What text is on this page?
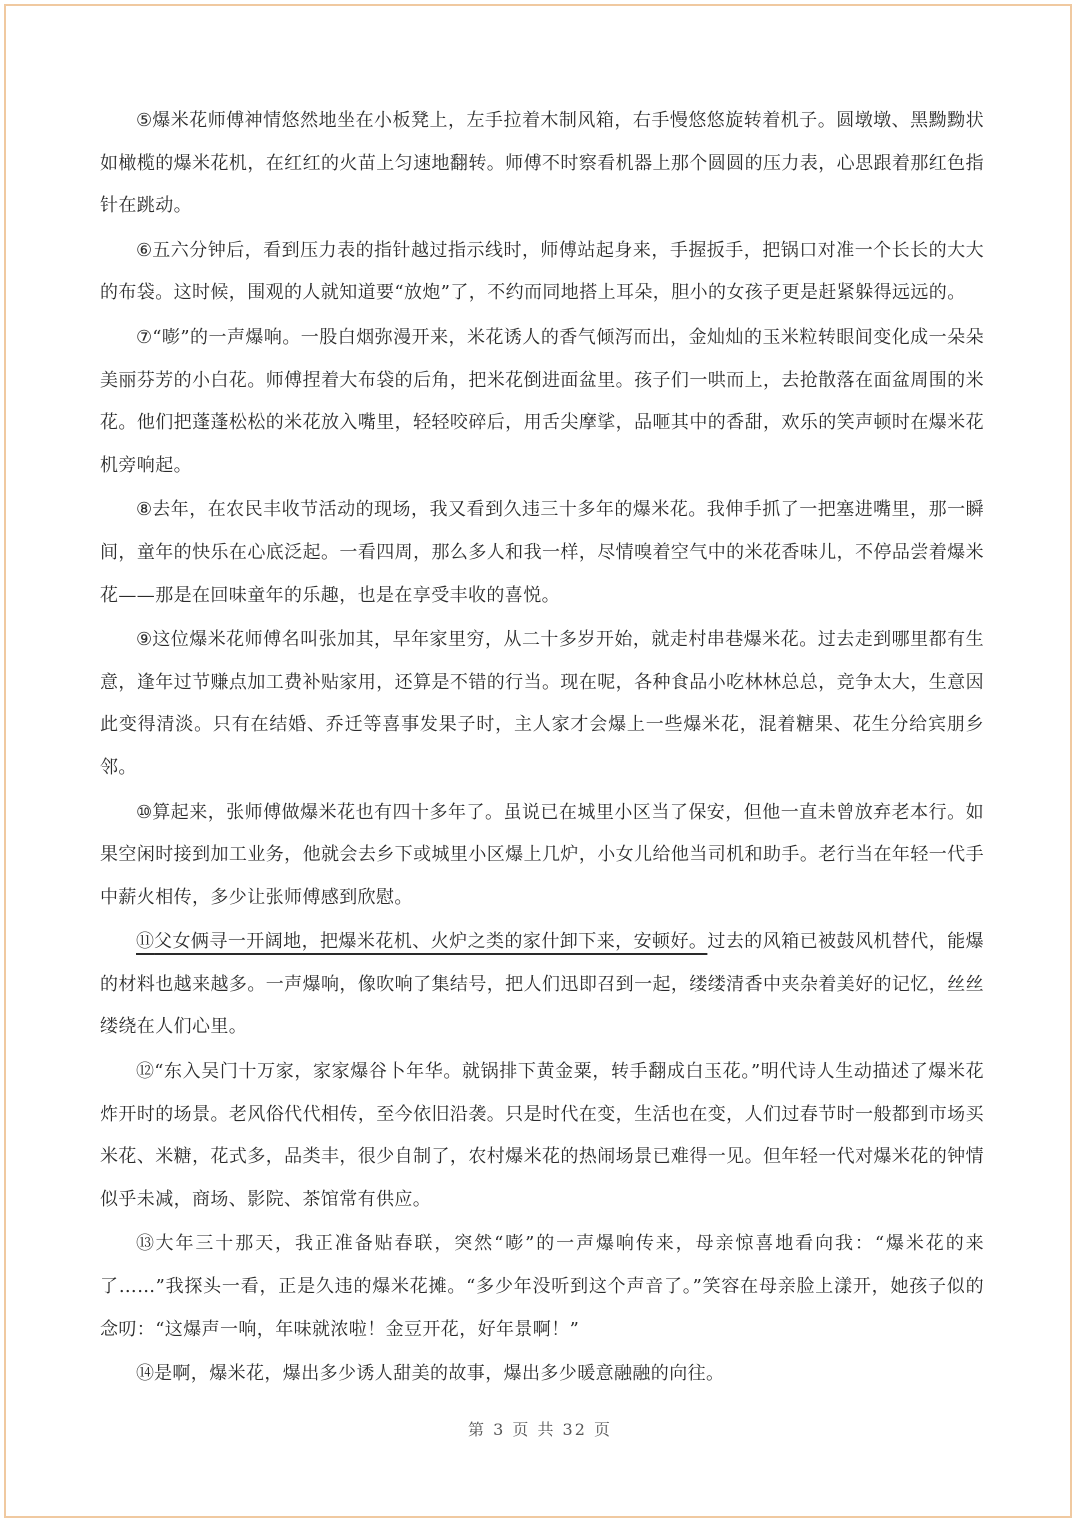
⑤爆米花师傅神情悠然地坐在小板凳上，左手拉着木制风箱，右手慢悠悠旋转着机子。圆墩墩、黑黝黝状如橄榄的爆米花机，在红红的火苗上匀速地翻转。师傅不时察看机器上那个圆圆的压力表，心思跟着那红色指针在跳动。

⑥五六分钟后，看到压力表的指针越过指示线时，师傅站起身来，手握扳手，把锅口对准一个长长的大大的布袋。这时候，围观的人就知道要“放炮”了，不约而同地搭上耳朵，胆小的女孩子更是赶紧躲得远远的。

⑦“嘭”的一声爆响。一股白烟弥漫开来，米花诱人的香气倾泻而出，金灿灿的玉米粒转眼间变化成一朵朵美丽芬芳的小白花。师傅捏着大布袋的后角，把米花倒进面盆里。孩子们一哄而上，去抢散落在面盆周围的米花。他们把蓬蓬松松的米花放入嘴里，轻轻咬碎后，用舌尖摩挲，品咂其中的香甜，欢乐的笑声顿时在爆米花机旁响起。

⑧去年，在农民丰收节活动的现场，我又看到久违三十多年的爆米花。我伸手抓了一把塞进嘴里，那一瞬间，童年的快乐在心底泛起。一看四周，那么多人和我一样，尽情嗅着空气中的米花香味儿，不停品尝着爆米花——那是在回味童年的乐趣，也是在享受丰收的喜悦。

⑨这位爆米花师傅名叫张加其，早年家里穷，从二十多岁开始，就走村串巷爆米花。过去走到哪里都有生意，逢年过节赚点加工费补贴家用，还算是不错的行当。现在呢，各种食品小吃林林总总，竞争太大，生意因此变得清淡。只有在结婚、乔迁等喜事发果子时，主人家才会爆上一些爆米花，混着糖果、花生分给宾朋乡邻。

⑩算起来，张师傅做爆米花也有四十多年了。虽说已在城里小区当了保安，但他一直未曾放弃老本行。如果空闲时接到加工业务，他就会去乡下或城里小区爆上几炉，小女儿给他当司机和助手。老行当在年轻一代手中薪火相传，多少让张师傅感到欣慰。

⑪父女俩寻一开阔地，把爆米花机、火炉之类的家什卸下来，安顿好。过去的风箱已被鼓风机替代，能爆的材料也越来越多。一声爆响，像吹响了集结号，把人们迅即召到一起，缕缕清香中夹杂着美好的记忆，丝丝缕绕在人们心里。

⑫“东入吴门十万家，家家爆谷卜年华。就锅排下黄金粟，转手翻成白玉花。”明代诗人生动描述了爆米花炸开时的场景。老风俗代代相传，至今依旧沿袭。只是时代在变，生活也在变，人们过春节时一般都到市场买米花、米糖，花式多，品类丰，很少自制了，农村爆米花的热闹场景已难得一见。但年轻一代对爆米花的钟情似乎未减，商场、影院、茶馆常有供应。

⑬大年三十那天，我正准备贴春联，突然“嘭”的一声爆响传来，母亲惊喜地看向我：“爆米花的来了……”我探头一看，正是久违的爆米花摊。“多少年没听到这个声音了。”笑容在母亲脸上漾开，她孩子似的念叨：“这爆声一响，年味就浓啦！金豆开花，好年景啊！”

⑭是啊，爆米花，爆出多少诱人甜美的故事，爆出多少暖意融融的向往。

第 3 页 共 32 页
